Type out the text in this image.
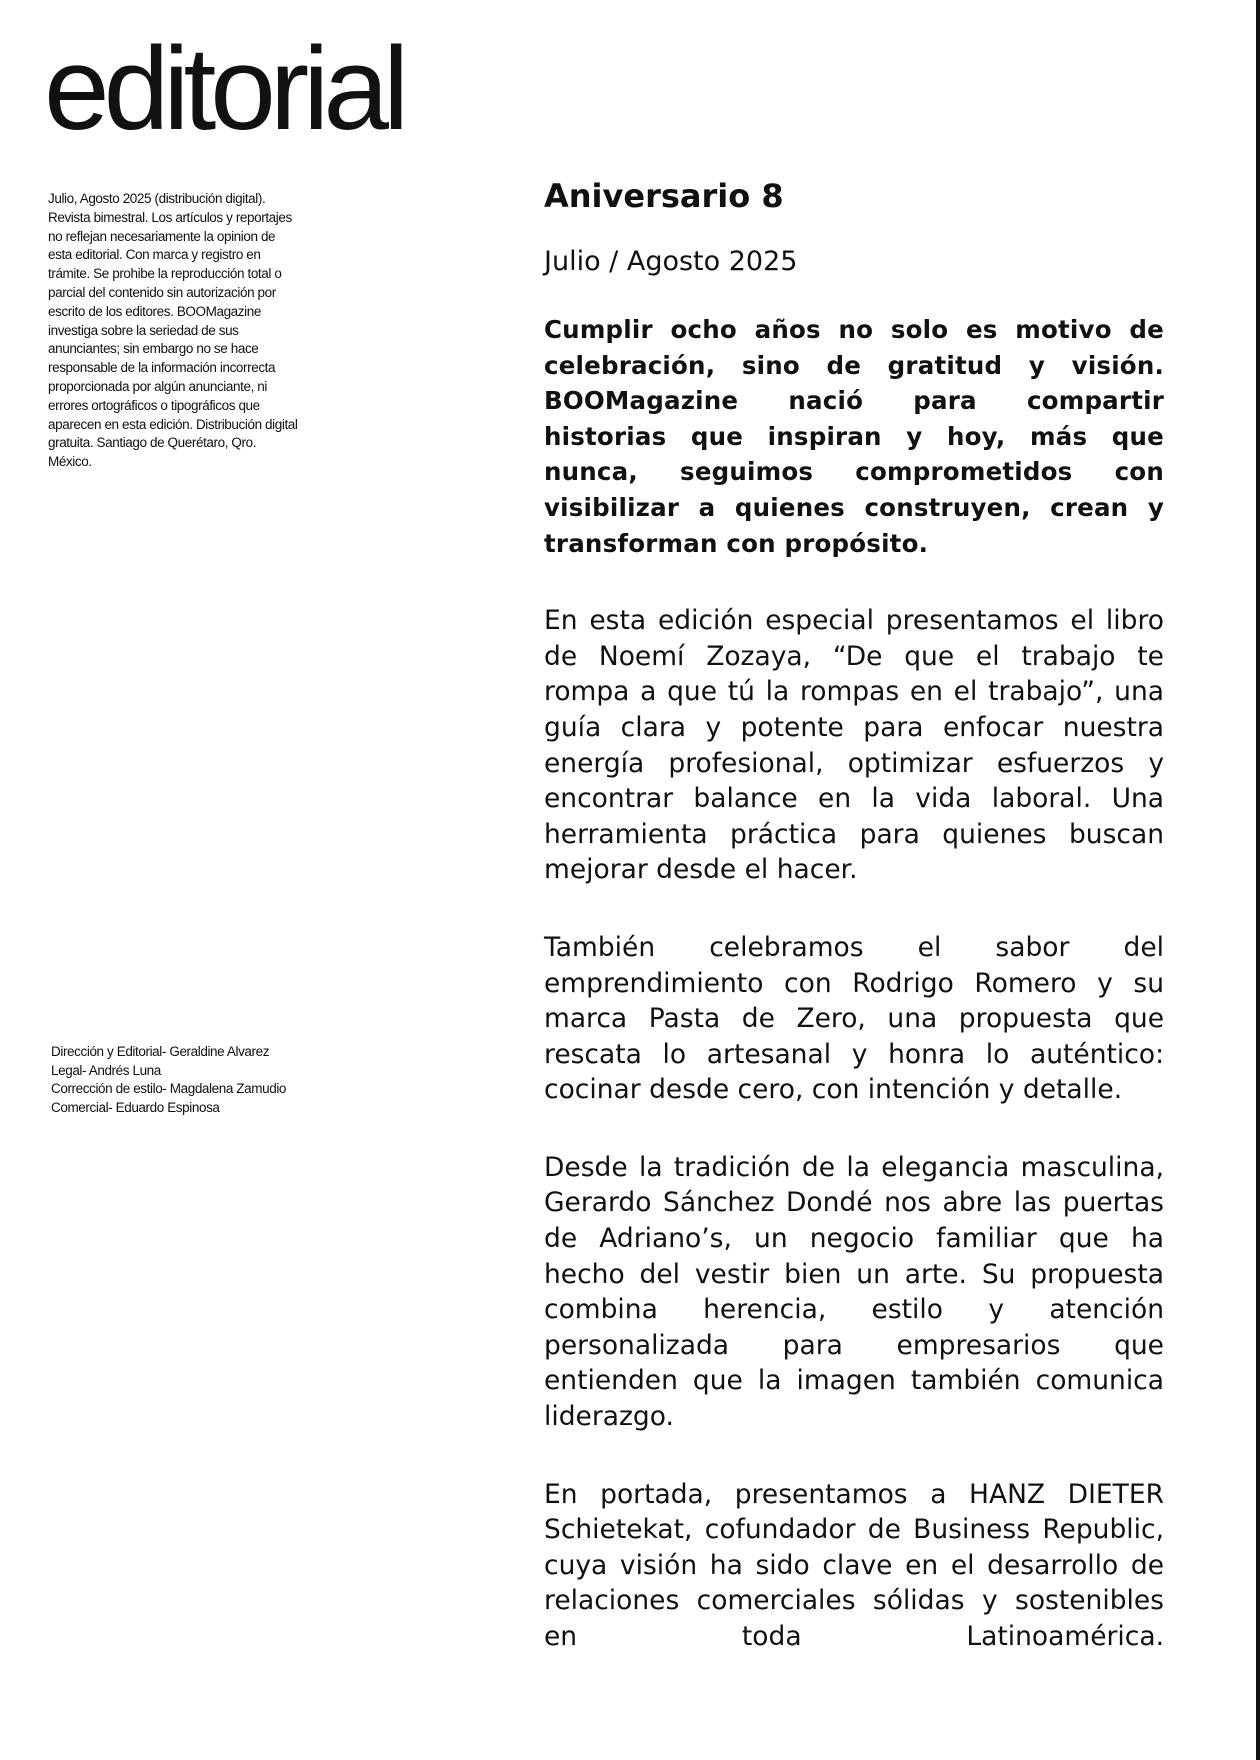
editorial

Julio, Agosto 2025 (distribución digital). Revista bimestral. Los artículos y reportajes no reflejan necesariamente la opinion de esta editorial. Con marca y registro en trámite. Se prohibe la reproducción total o parcial del contenido sin autorización por escrito de los editores. BOOMagazine investiga sobre la seriedad de sus anunciantes; sin embargo no se hace responsable de la información incorrecta proporcionada por algún anunciante, ni errores ortográficos o tipográficos que aparecen en esta edición. Distribución digital gratuita. Santiago de Querétaro, Qro. México.

Dirección y Editorial- Geraldine Alvarez
Legal- Andrés Luna
Corrección de estilo- Magdalena Zamudio
Comercial- Eduardo Espinosa
Aniversario 8

Julio / Agosto 2025

Cumplir ocho años no solo es motivo de celebración, sino de gratitud y visión. BOOMagazine nació para compartir historias que inspiran y hoy, más que nunca, seguimos comprometidos con visibilizar a quienes construyen, crean y transforman con propósito.

En esta edición especial presentamos el libro de Noemí Zozaya, “De que el trabajo te rompa a que tú la rompas en el trabajo”, una guía clara y potente para enfocar nuestra energía profesional, optimizar esfuerzos y encontrar balance en la vida laboral. Una herramienta práctica para quienes buscan mejorar desde el hacer.

También celebramos el sabor del emprendimiento con Rodrigo Romero y su marca Pasta de Zero, una propuesta que rescata lo artesanal y honra lo auténtico: cocinar desde cero, con intención y detalle.

Desde la tradición de la elegancia masculina, Gerardo Sánchez Dondé nos abre las puertas de Adriano’s, un negocio familiar que ha hecho del vestir bien un arte. Su propuesta combina herencia, estilo y atención personalizada para empresarios que entienden que la imagen también comunica liderazgo.

En portada, presentamos a HANZ DIETER Schietekat, cofundador de Business Republic, cuya visión ha sido clave en el desarrollo de relaciones comerciales sólidas y sostenibles en toda Latinoamérica.
